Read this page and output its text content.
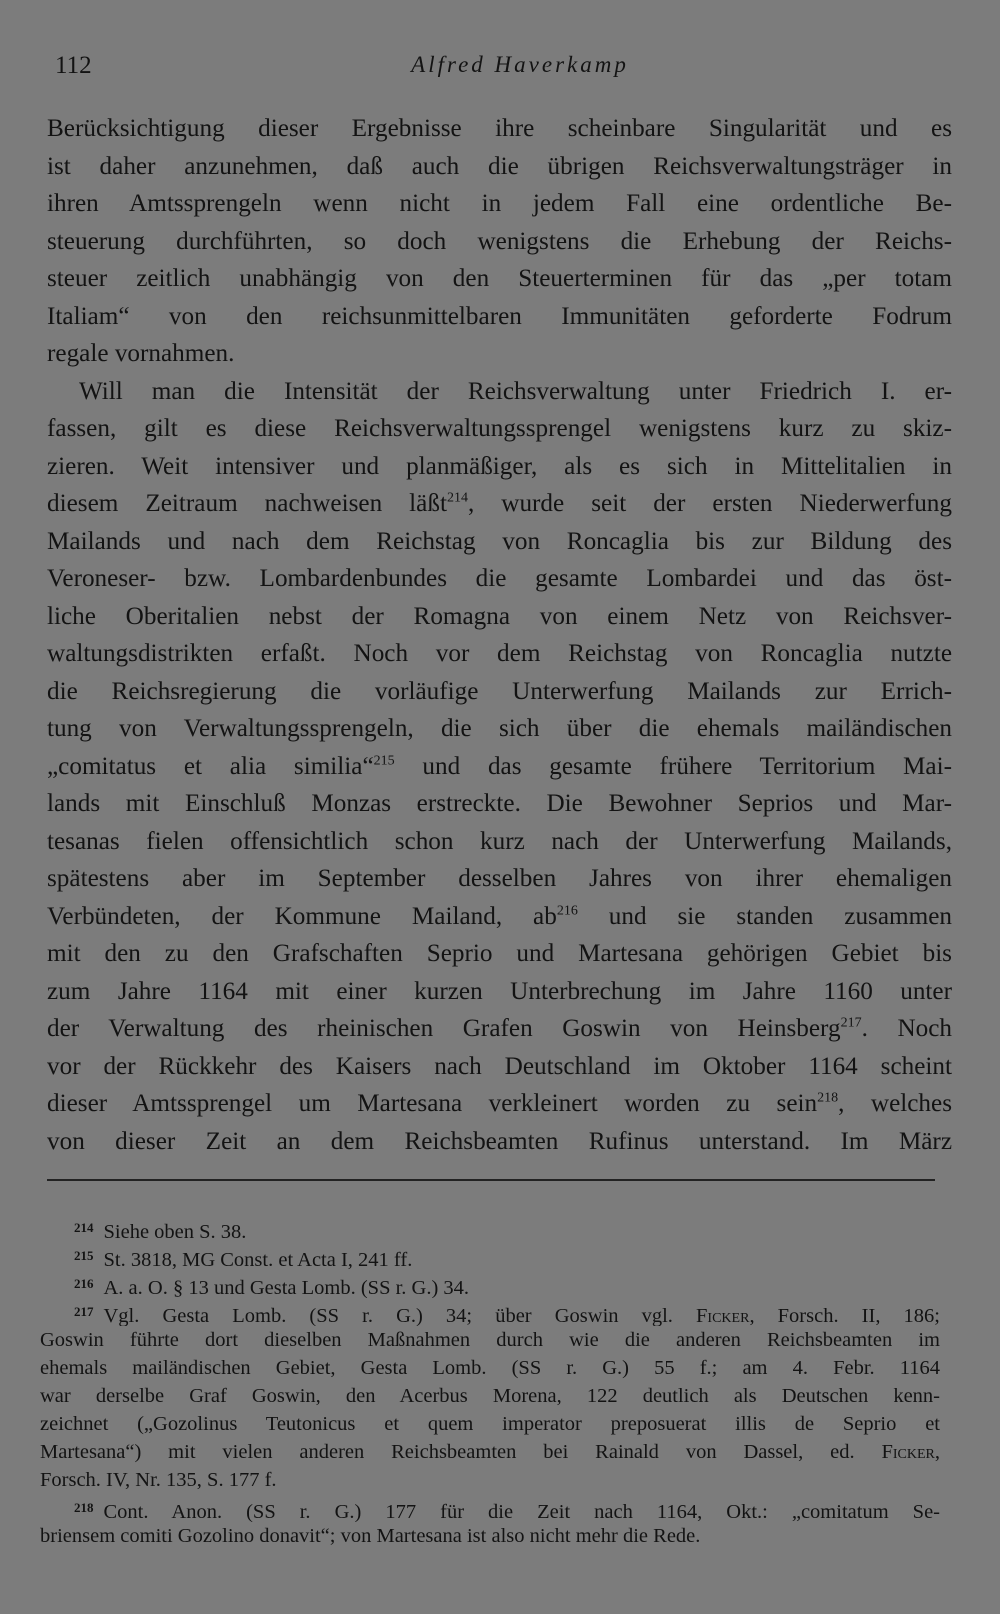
112	Alfred Haverkamp
Berücksichtigung dieser Ergebnisse ihre scheinbare Singularität und es
ist daher anzunehmen, daß auch die übrigen Reichsverwaltungsträger in
ihren Amtssprengeln wenn nicht in jedem Fall eine ordentliche Be-
steuerung durchführten, so doch wenigstens die Erhebung der Reichs-
steuer zeitlich unabhängig von den Steuerterminen für das „per totam
Italiam“ von den reichsunmittelbaren Immunitäten geforderte Fodrum
regale vornahmen.
Will man die Intensität der Reichsverwaltung unter Friedrich I. er-
fassen, gilt es diese Reichsverwaltungssprengel wenigstens kurz zu skiz-
zieren. Weit intensiver und planmäßiger, als es sich in Mittelitalien in
diesem Zeitraum nachweisen läßt$^{214}$, wurde seit der ersten Niederwerfung
Mailands und nach dem Reichstag von Roncaglia bis zur Bildung des
Veroneser- bzw. Lombardenbundes die gesamte Lombardei und das öst-
liche Oberitalien nebst der Romagna von einem Netz von Reichsver-
waltungsdistrikten erfaßt. Noch vor dem Reichstag von Roncaglia nutzte
die Reichsregierung die vorläufige Unterwerfung Mailands zur Errich-
tung von Verwaltungssprengeln, die sich über die ehemals mailändischen
„comitatus et alia similia“$^{215}$ und das gesamte frühere Territorium Mai-
lands mit Einschluß Monzas erstreckte. Die Bewohner Seprios und Mar-
tesanas fielen offensichtlich schon kurz nach der Unterwerfung Mailands,
spätestens aber im September desselben Jahres von ihrer ehemaligen
Verbündeten, der Kommune Mailand, $ab^{216}$ und sie standen zusammen
mit den zu den Grafschaften Seprio und Martesana gehörigen Gebiet bis
zum Jahre 1164 mit einer kurzen Unterbrechung im Jahre 1160 unter
der Verwaltung des rheinischen Grafen Goswin von Heinsberg$^{217}$. Noch
vor der Rückkehr des Kaisers nach Deutschland im Oktober 1164 scheint
dieser Amtssprengel um Martesana verkleinert worden zu sein$^{218}$, welches
von dieser Zeit an dem Reichsbeamten Rufinus unterstand. Im März
$^{214}$ Siehe oben S. 38.
$^{215}$ St. 3818, MG Const. et Acta I, 241 ff.
$^{216}$ A. a. O. § 13 und Gesta Lomb. (SS r. G.) 34.
$^{217}$ Vgl. Gesta Lomb. (SS r. G.) 34; über Goswin vgl. Ficker, Forsch. II, 186;
Goswin führte dort dieselben Maßnahmen durch wie die anderen Reichsbeamten im
ehemals mailändischen Gebiet, Gesta Lomb. (SS r. G.) 55 f.; am 4. Febr. 1164
war derselbe Graf Goswin, den Acerbus Morena, 122 deutlich als Deutschen kenn-
zeichnet („Gozolinus Teutonicus et quem imperator preposuerat illis de Seprio et
Martesana“) mit vielen anderen Reichsbeamten bei Rainald von Dassel, ed. Ficker,
Forsch. IV, Nr. 135, S. 177 f.
$^{218}$ Cont. Anon. (SS r. G.) 177 für die Zeit nach 1164, Okt.: „comitatum Se-
briensem comiti Gozolino donavit“; von Martesana ist also nicht mehr die Rede.
